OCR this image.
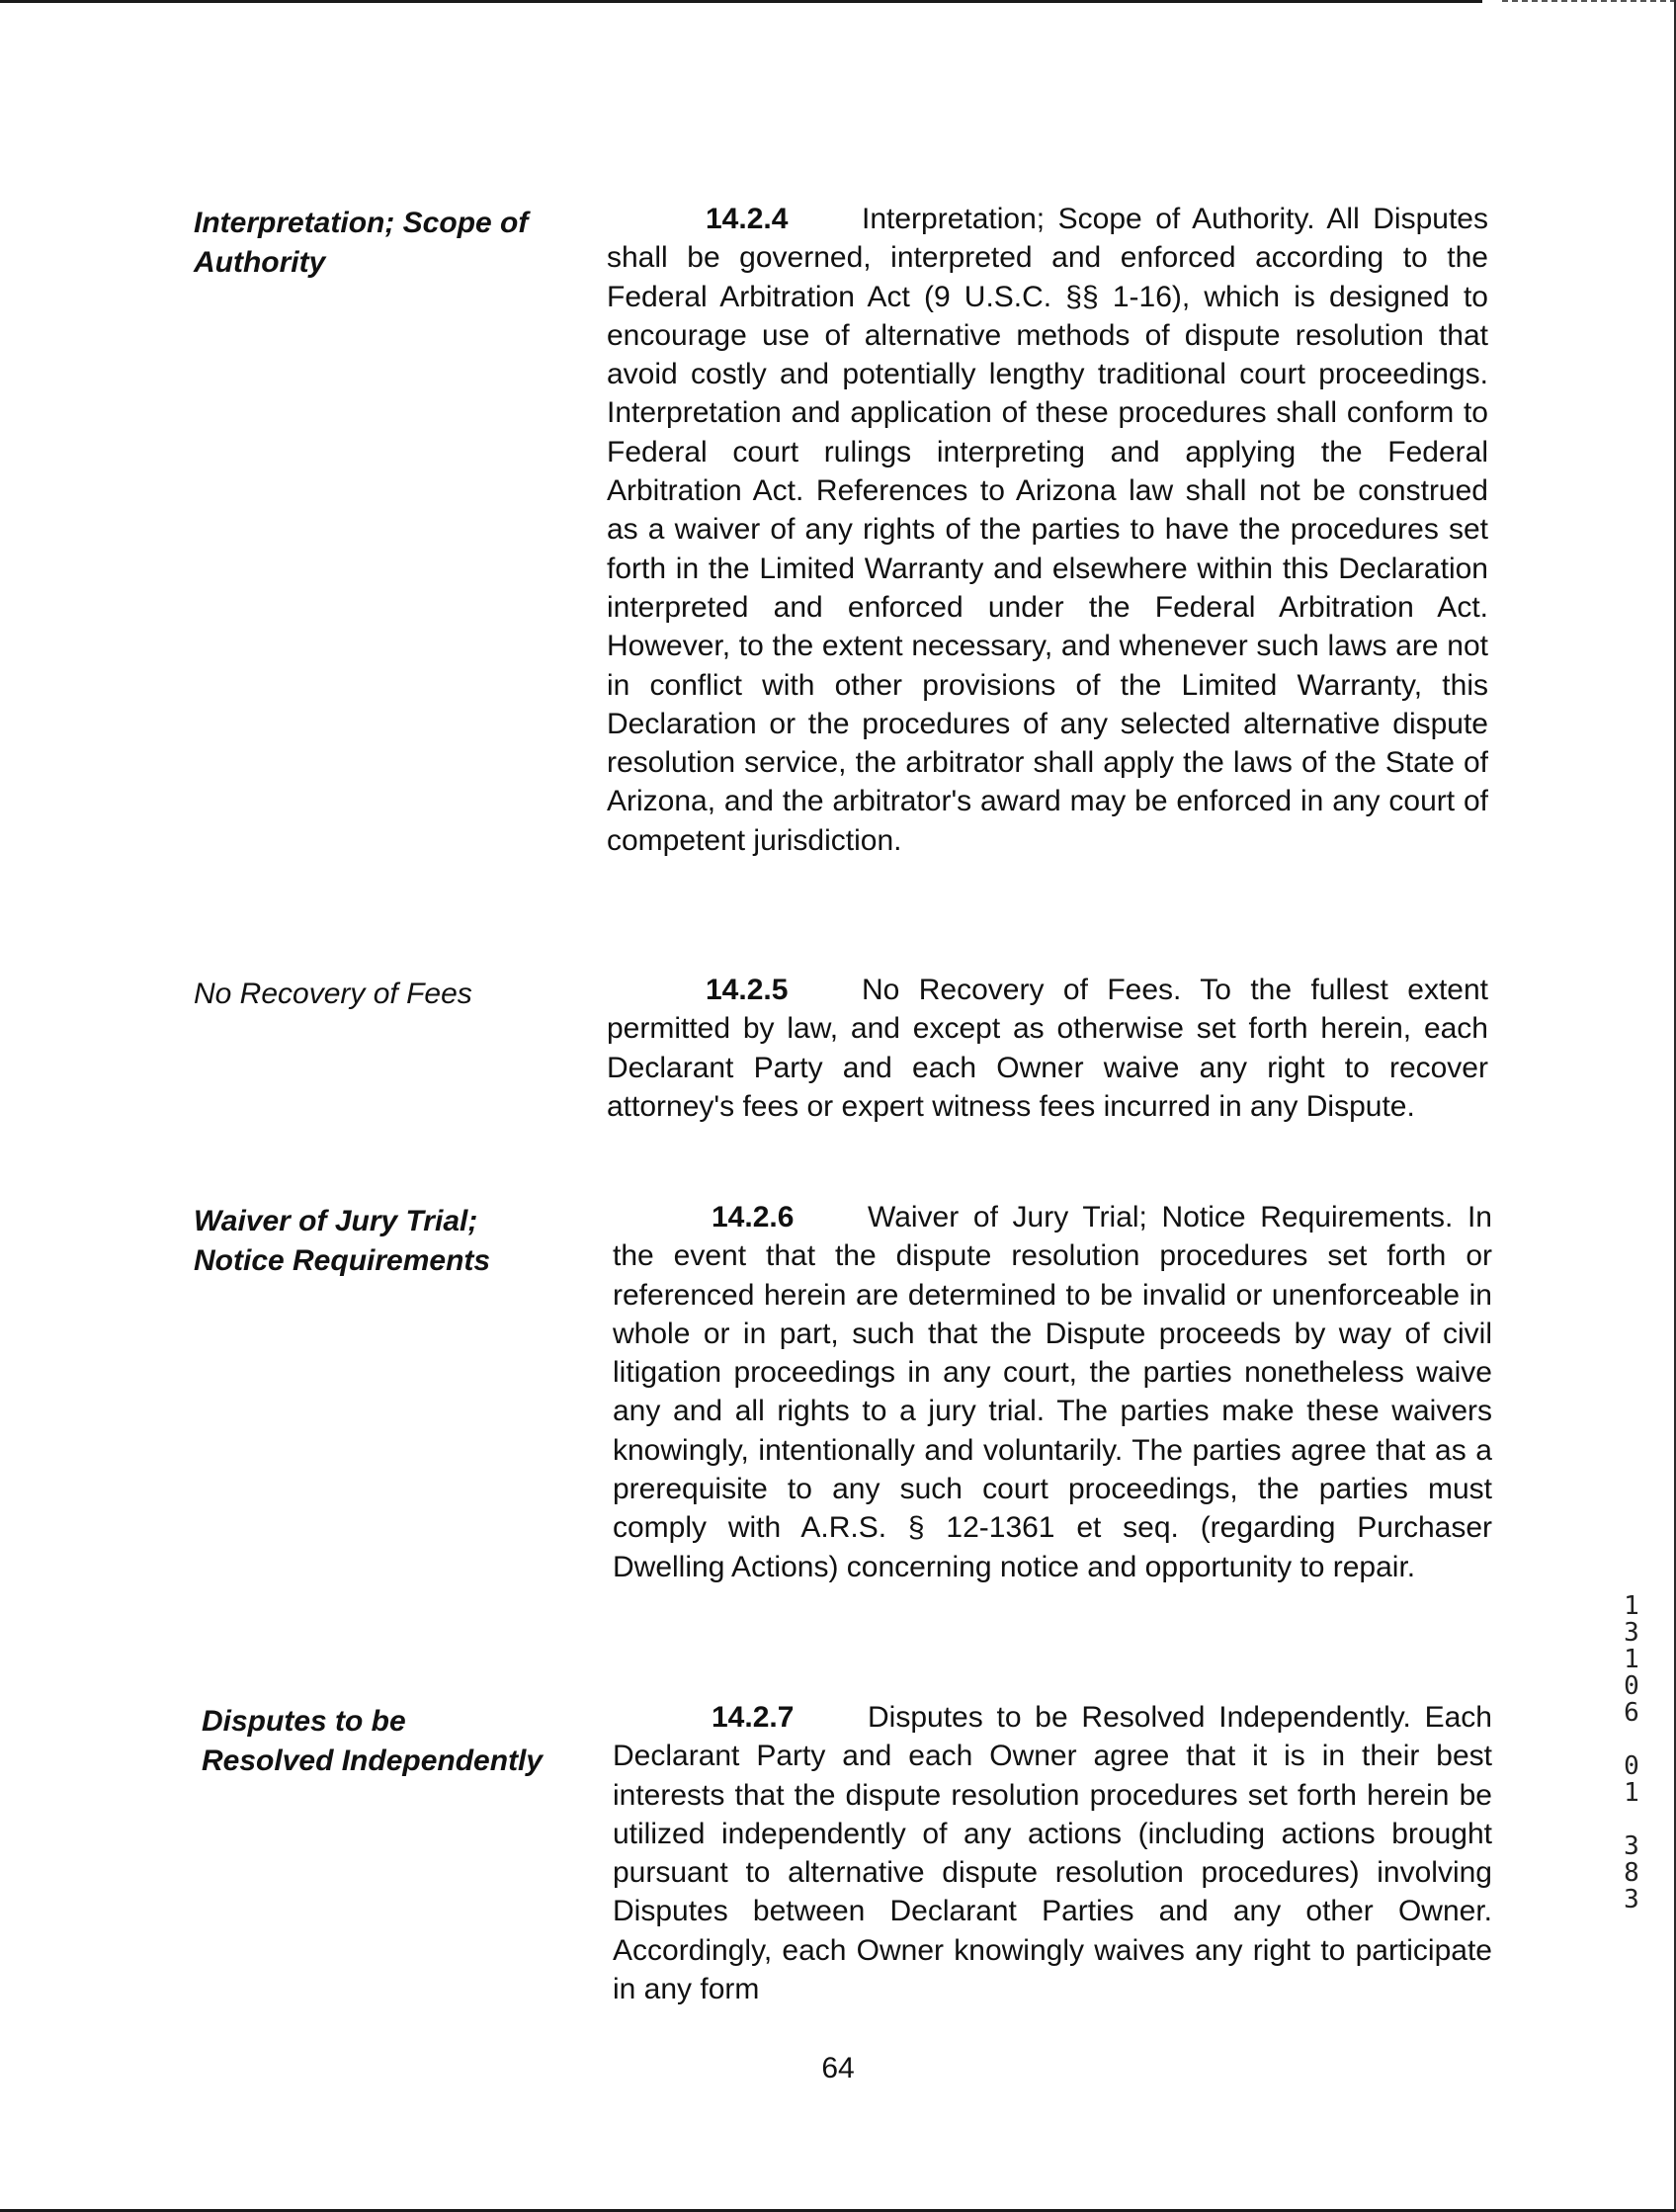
Interpretation; Scope of
Authority

14.2.4 Interpretation; Scope of Authority. All Disputes shall be governed, interpreted and enforced according to the Federal Arbitration Act (9 U.S.C. §§ 1-16), which is designed to encourage use of alternative methods of dispute resolution that avoid costly and potentially lengthy traditional court proceedings. Interpretation and application of these procedures shall conform to Federal court rulings interpreting and applying the Federal Arbitration Act. References to Arizona law shall not be construed as a waiver of any rights of the parties to have the procedures set forth in the Limited Warranty and elsewhere within this Declaration interpreted and enforced under the Federal Arbitration Act. However, to the extent necessary, and whenever such laws are not in conflict with other provisions of the Limited Warranty, this Declaration or the procedures of any selected alternative dispute resolution service, the arbitrator shall apply the laws of the State of Arizona, and the arbitrator's award may be enforced in any court of competent jurisdiction.

No Recovery of Fees	14.2.5 No Recovery of Fees. To the fullest extent permitted by law, and except as otherwise set forth herein, each Declarant Party and each Owner waive any right to recover attorney's fees or expert witness fees incurred in any Dispute.

Waiver of Jury Trial;
Notice Requirements

14.2.6 Waiver of Jury Trial; Notice Requirements. In the event that the dispute resolution procedures set forth or referenced herein are determined to be invalid or unenforceable in whole or in part, such that the Dispute proceeds by way of civil litigation proceedings in any court, the parties nonetheless waive any and all rights to a jury trial. The parties make these waivers knowingly, intentionally and voluntarily. The parties agree that as a prerequisite to any such court proceedings, the parties must comply with A.R.S. § 12-1361 et seq. (regarding Purchaser Dwelling Actions) concerning notice and opportunity to repair.

Disputes to be
Resolved Independently

14.2.7 Disputes to be Resolved Independently. Each Declarant Party and each Owner agree that it is in their best interests that the dispute resolution procedures set forth herein be utilized independently of any actions (including actions brought pursuant to alternative dispute resolution procedures) involving Disputes between Declarant Parties and any other Owner. Accordingly, each Owner knowingly waives any right to participate in any form

64
1
3
1
0
6

0
1

3
8
3
